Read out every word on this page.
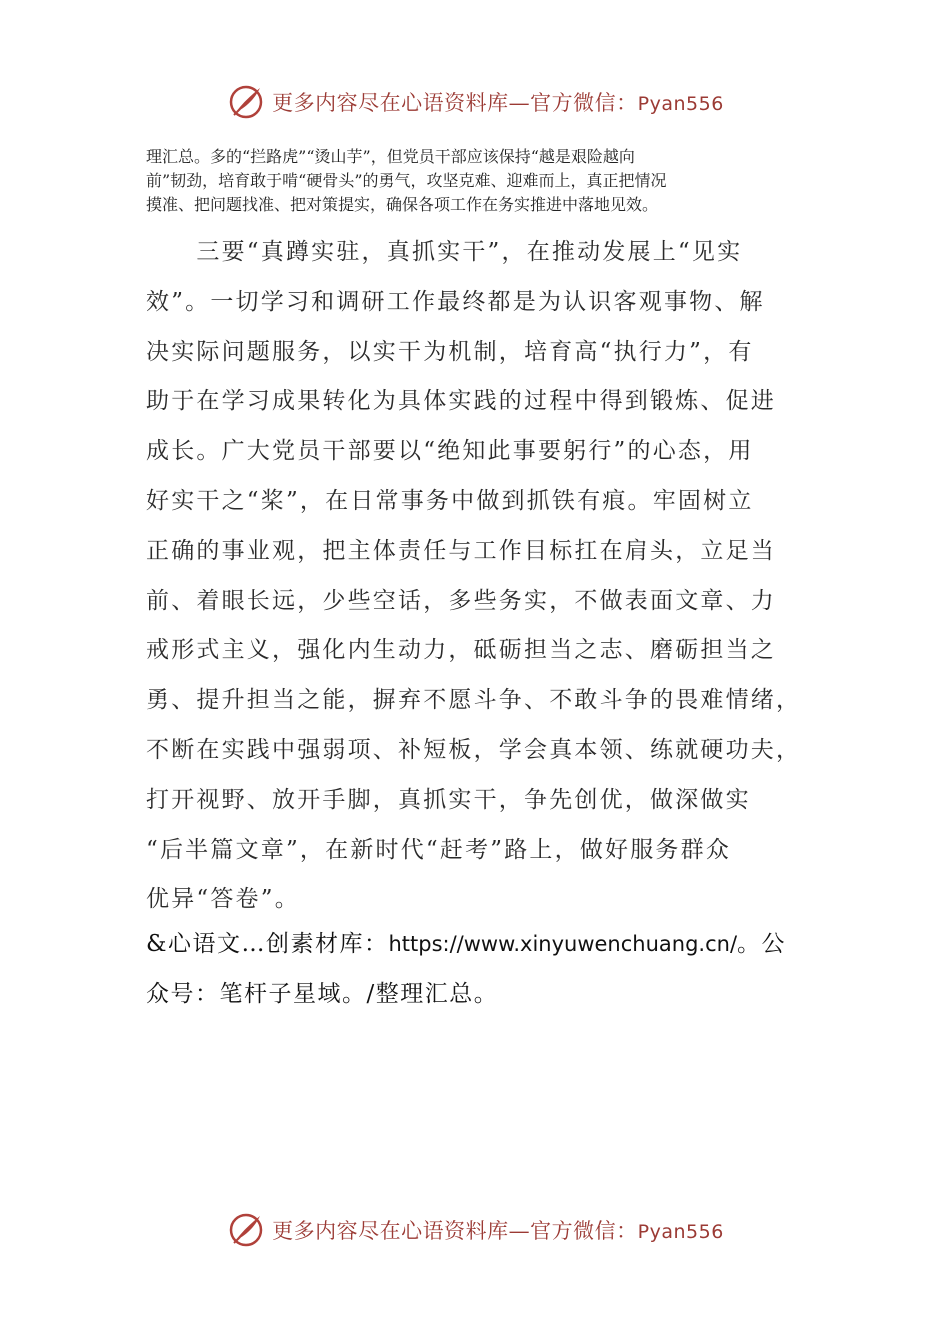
更多内容尽在心语资料库—官方微信：Pyan556

理汇总。多的“拦路虎”“烫山芋”，但党员干部应该保持“越是艰险越向

前”韧劲，培育敢于啃“硬骨头”的勇气，攻坚克难、迎难而上，真正把情况

摸准、把问题找准、把对策提实，确保各项工作在务实推进中落地见效。

　　三要“真蹲实驻，真抓实干”，在推动发展上“见实

效”。一切学习和调研工作最终都是为认识客观事物、解

决实际问题服务，以实干为机制，培育高“执行力”，有

助于在学习成果转化为具体实践的过程中得到锻炼、促进

成长。广大党员干部要以“绝知此事要躬行”的心态，用

好实干之“桨”，在日常事务中做到抓铁有痕。牢固树立

正确的事业观，把主体责任与工作目标扛在肩头，立足当

前、着眼长远，少些空话，多些务实，不做表面文章、力

戒形式主义，强化内生动力，砥砺担当之志、磨砺担当之

勇、提升担当之能，摒弃不愿斗争、不敢斗争的畏难情绪，

不断在实践中强弱项、补短板，学会真本领、练就硬功夫，

打开视野、放开手脚，真抓实干，争先创优，做深做实

“后半篇文章”，在新时代“赶考”路上，做好服务群众

优异“答卷”。

&心语文…创素材库：https://www.xinyuwenchuang.cn/。公

众号：笔杆子星域。/整理汇总。

更多内容尽在心语资料库—官方微信：Pyan556
